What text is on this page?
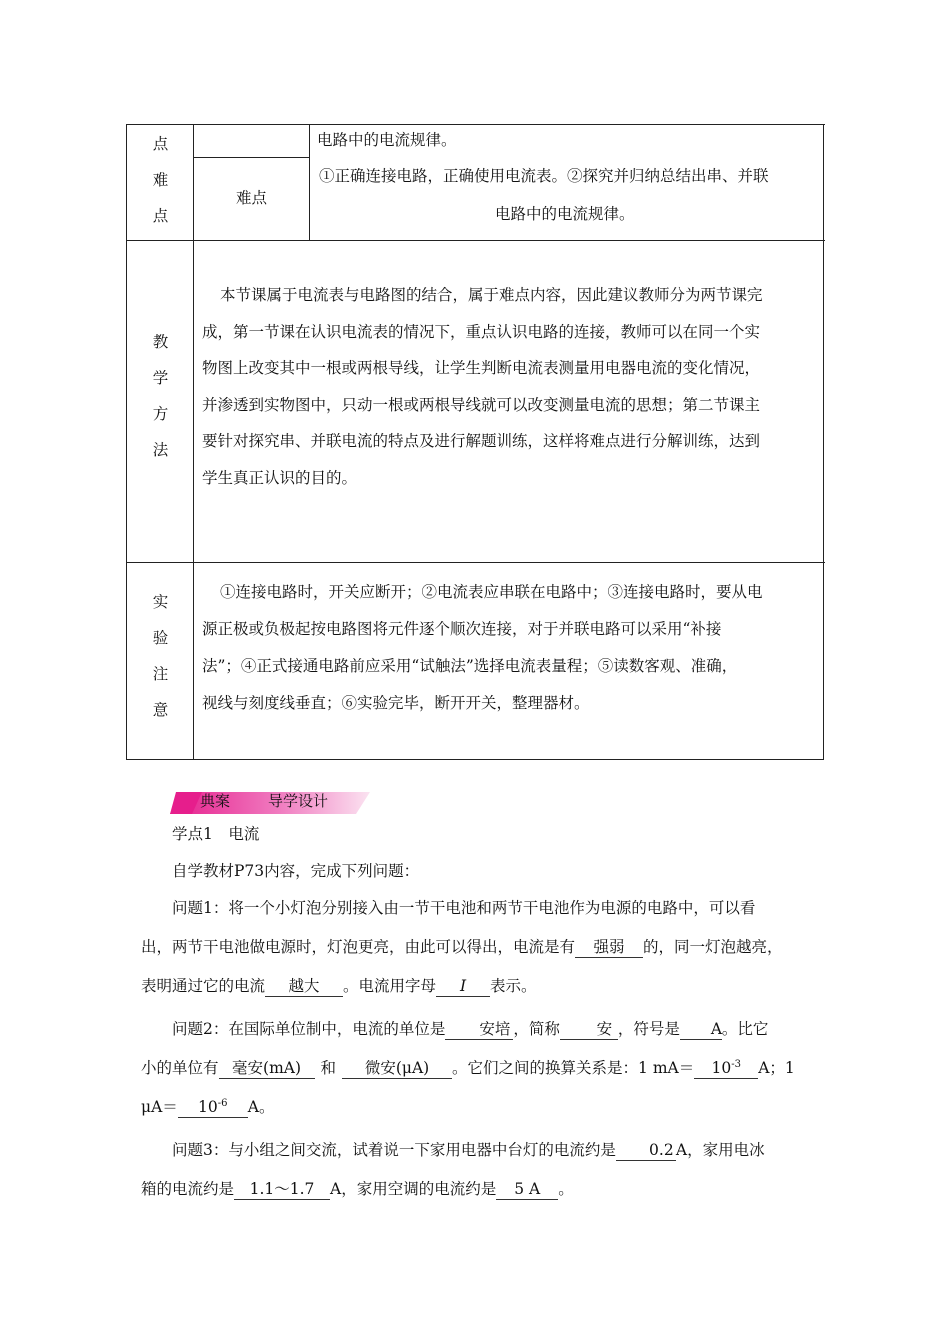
点
难
点
电路中的电流规律。
难点
①正确连接电路，正确使用电流表。②探究并归纳总结出串、并联
电路中的电流规律。
教
学
方
法
本节课属于电流表与电路图的结合，属于难点内容，因此建议教师分为两节课完
成，第一节课在认识电流表的情况下，重点认识电路的连接，教师可以在同一个实
物图上改变其中一根或两根导线，让学生判断电流表测量用电器电流的变化情况，
并渗透到实物图中，只动一根或两根导线就可以改变测量电流的思想；第二节课主
要针对探究串、并联电流的特点及进行解题训练，这样将难点进行分解训练，达到
学生真正认识的目的。
实
验
注
意
①连接电路时，开关应断开；②电流表应串联在电路中；③连接电路时，要从电
源正极或负极起按电路图将元件逐个顺次连接，对于并联电路可以采用“补接
法”；④正式接通电路前应采用“试触法”选择电流表量程；⑤读数客观、准确，
视线与刻度线垂直；⑥实验完毕，断开开关，整理器材。
典案	导学设计
学点1　电流
自学教材P73内容，完成下列问题：
问题1：将一个小灯泡分别接入由一节干电池和两节干电池作为电源的电路中，可以看
出，两节干电池做电源时，灯泡更亮，由此可以得出，电流是有 强弱 的，同一灯泡越亮，
表明通过它的电流 越大 。电流用字母 I 表示。
问题2：在国际单位制中，电流的单位是 安培 ，简称 安 ，符号是 A。比它
小的单位有 毫安(mA) 和 微安(μA) 。它们之间的换算关系是：1 $mA= 10^{-3}$ A；1
$\mu A= 10^{-6}$ A。
问题3：与小组之间交流，试着说一下家用电器中台灯的电流约是 0.2 A，家用电冰
箱的电流约是 1.1～1.7 A，家用空调的电流约是 5 A 。
